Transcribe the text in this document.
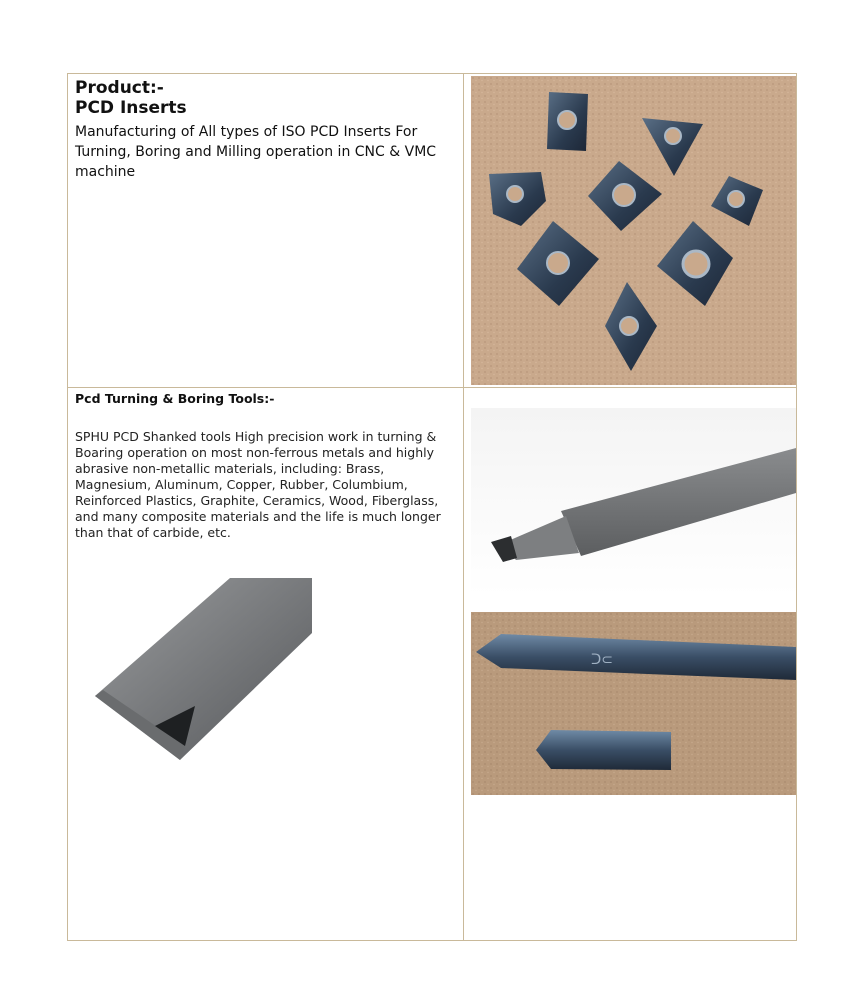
Product:-

PCD Inserts

Manufacturing of All types of ISO PCD Inserts For Turning, Boring and Milling operation in CNC & VMC machine

Pcd Turning & Boring Tools:-

SPHU PCD Shanked tools High precision work in turning & Boaring operation on most non-ferrous metals and highly abrasive non-metallic materials, including: Brass, Magnesium, Aluminum, Copper, Rubber, Columbium, Reinforced Plastics, Graphite, Ceramics, Wood, Fiberglass, and many composite materials and the life is much longer than that of carbide, etc.

ᑐ⊂
